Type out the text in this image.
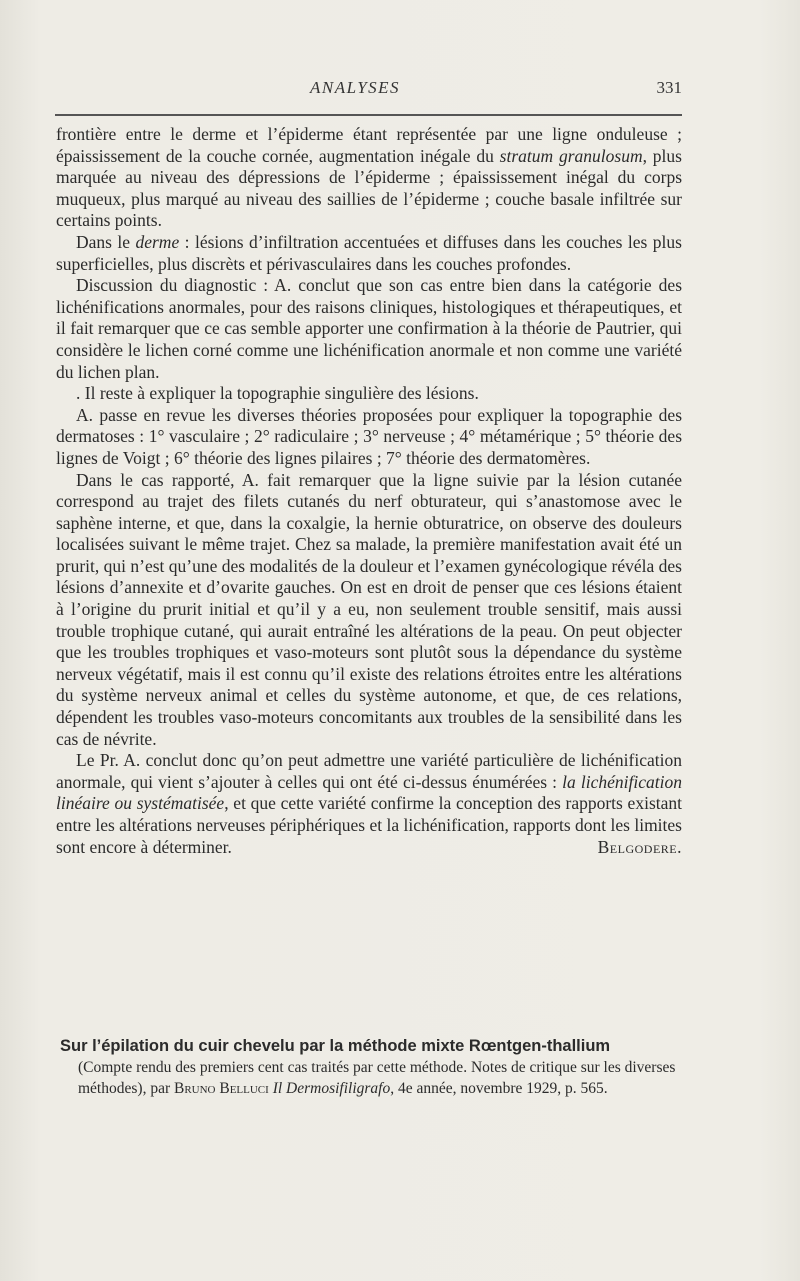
ANALYSES	331

frontière entre le derme et l’épiderme étant représentée par une ligne onduleuse ; épaississement de la couche cornée, augmentation inégale du stratum granulosum, plus marquée au niveau des dépressions de l’épiderme ; épaississement inégal du corps muqueux, plus marqué au niveau des saillies de l’épiderme ; couche basale infiltrée sur certains points.

Dans le derme : lésions d’infiltration accentuées et diffuses dans les couches les plus superficielles, plus discrèts et périvasculaires dans les couches profondes.

Discussion du diagnostic : A. conclut que son cas entre bien dans la catégorie des lichénifications anormales, pour des raisons cliniques, histologiques et thérapeutiques, et il fait remarquer que ce cas semble apporter une confirmation à la théorie de Pautrier, qui considère le lichen corné comme une lichénification anormale et non comme une variété du lichen plan.

. Il reste à expliquer la topographie singulière des lésions.

A. passe en revue les diverses théories proposées pour expliquer la topographie des dermatoses : 1° vasculaire ; 2° radiculaire ; 3° nerveuse ; 4° métamérique ; 5° théorie des lignes de Voigt ; 6° théorie des lignes pilaires ; 7° théorie des dermatomères.

Dans le cas rapporté, A. fait remarquer que la ligne suivie par la lésion cutanée correspond au trajet des filets cutanés du nerf obturateur, qui s’anastomose avec le saphène interne, et que, dans la coxalgie, la hernie obturatrice, on observe des douleurs localisées suivant le même trajet. Chez sa malade, la première manifestation avait été un prurit, qui n’est qu’une des modalités de la douleur et l’examen gynécologique révéla des lésions d’annexite et d’ovarite gauches. On est en droit de penser que ces lésions étaient à l’origine du prurit initial et qu’il y a eu, non seulement trouble sensitif, mais aussi trouble trophique cutané, qui aurait entraîné les altérations de la peau. On peut objecter que les troubles trophiques et vaso-moteurs sont plutôt sous la dépendance du système nerveux végétatif, mais il est connu qu’il existe des relations étroites entre les altérations du système nerveux animal et celles du système autonome, et que, de ces relations, dépendent les troubles vaso-moteurs concomitants aux troubles de la sensibilité dans les cas de névrite.

Le Pr. A. conclut donc qu’on peut admettre une variété particulière de lichénification anormale, qui vient s’ajouter à celles qui ont été ci-dessus énumérées : la lichénification linéaire ou systématisée, et que cette variété confirme la conception des rapports existant entre les altérations nerveuses périphériques et la lichénification, rapports dont les limites sont encore à déterminer.	Belgodere.

Sur l’épilation du cuir chevelu par la méthode mixte Rœntgen-thallium

(Compte rendu des premiers cent cas traités par cette méthode. Notes de critique sur les diverses méthodes), par Bruno Belluci Il Dermosifiligrafo, 4e année, novembre 1929, p. 565.
